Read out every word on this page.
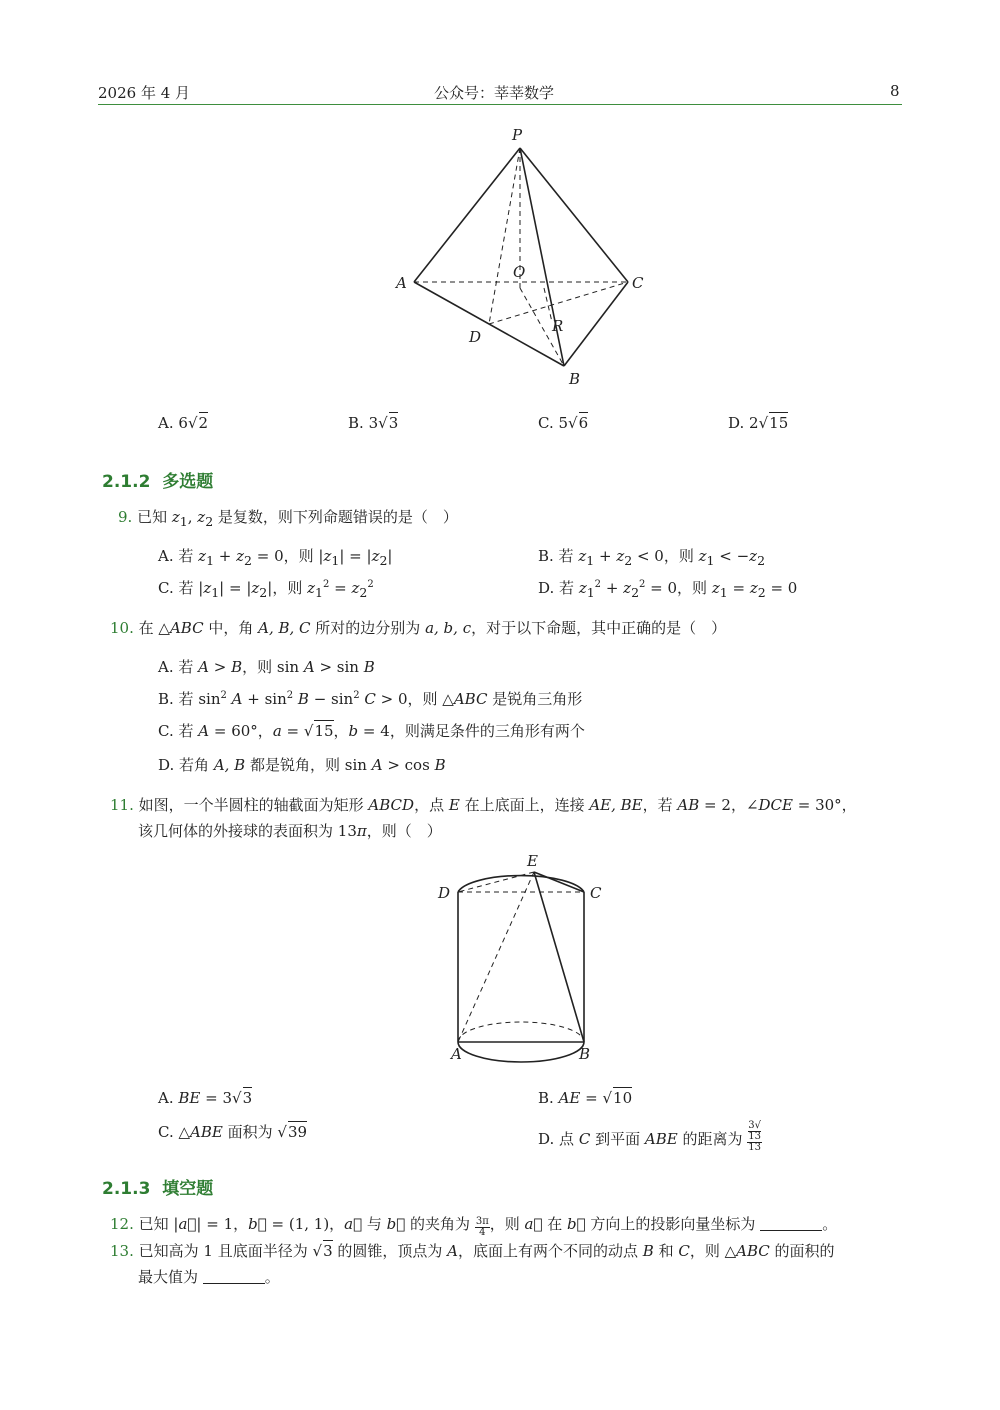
2026 年 4 月	公众号：莘莘数学	8
P
A	C
O
D
R
B
A. 6√2	B. 3√3	C. 5√6	D. 2√15
2.1.2 多选题
9. 已知 $z_1$, $z_2$ 是复数，则下列命题错误的是（　）
A. 若 $z_1 + z_2 = 0$，则 $|z_1| = |z_2|$	B. 若 $z_1 + z_2 < 0$，则 $z_1 < -z_2$
C. 若 $|z_1| = |z_2|$，则 $z_1^2 = z_2^2$	D. 若 $z_1^2 + z_2^2 = 0$，则 $z_1 = z_2 = 0$
10. 在 △ABC 中，角 A, B, C 所对的边分别为 a, b, c，对于以下命题，其中正确的是（　）
A. 若 A > B，则 sin A > sin B
B. 若 $\sin^2 A + \sin^2 B - \sin^2 C > 0$，则 △ABC 是锐角三角形
C. 若 A = 60°，a = √15，b = 4，则满足条件的三角形有两个
D. 若角 A, B 都是锐角，则 sin A > cos B
11. 如图，一个半圆柱的轴截面为矩形 ABCD，点 E 在上底面上，连接 AE, BE，若 AB = 2，∠DCE = 30°，
该几何体的外接球的表面积为 13π，则（　）
E
D	C
A	B
A. BE = 3√3	B. AE = √10
C. △ABE 面积为 √39	D. 点 C 到平面 ABE 的距离为 3√
13
13
2.1.3 填空题
12. 已知 |a⃗| = 1，b⃗ = (1, 1)，a⃗ 与 b⃗ 的夹角为 $\frac{3\pi}{4}$ ，则 a⃗ 在 b⃗ 方向上的投影向量坐标为	。
13. 已知高为 1 且底面半径为 √3 的圆锥，顶点为 A，底面上有两个不同的动点 B 和 C，则 △ABC 的面积的
最大值为	。
